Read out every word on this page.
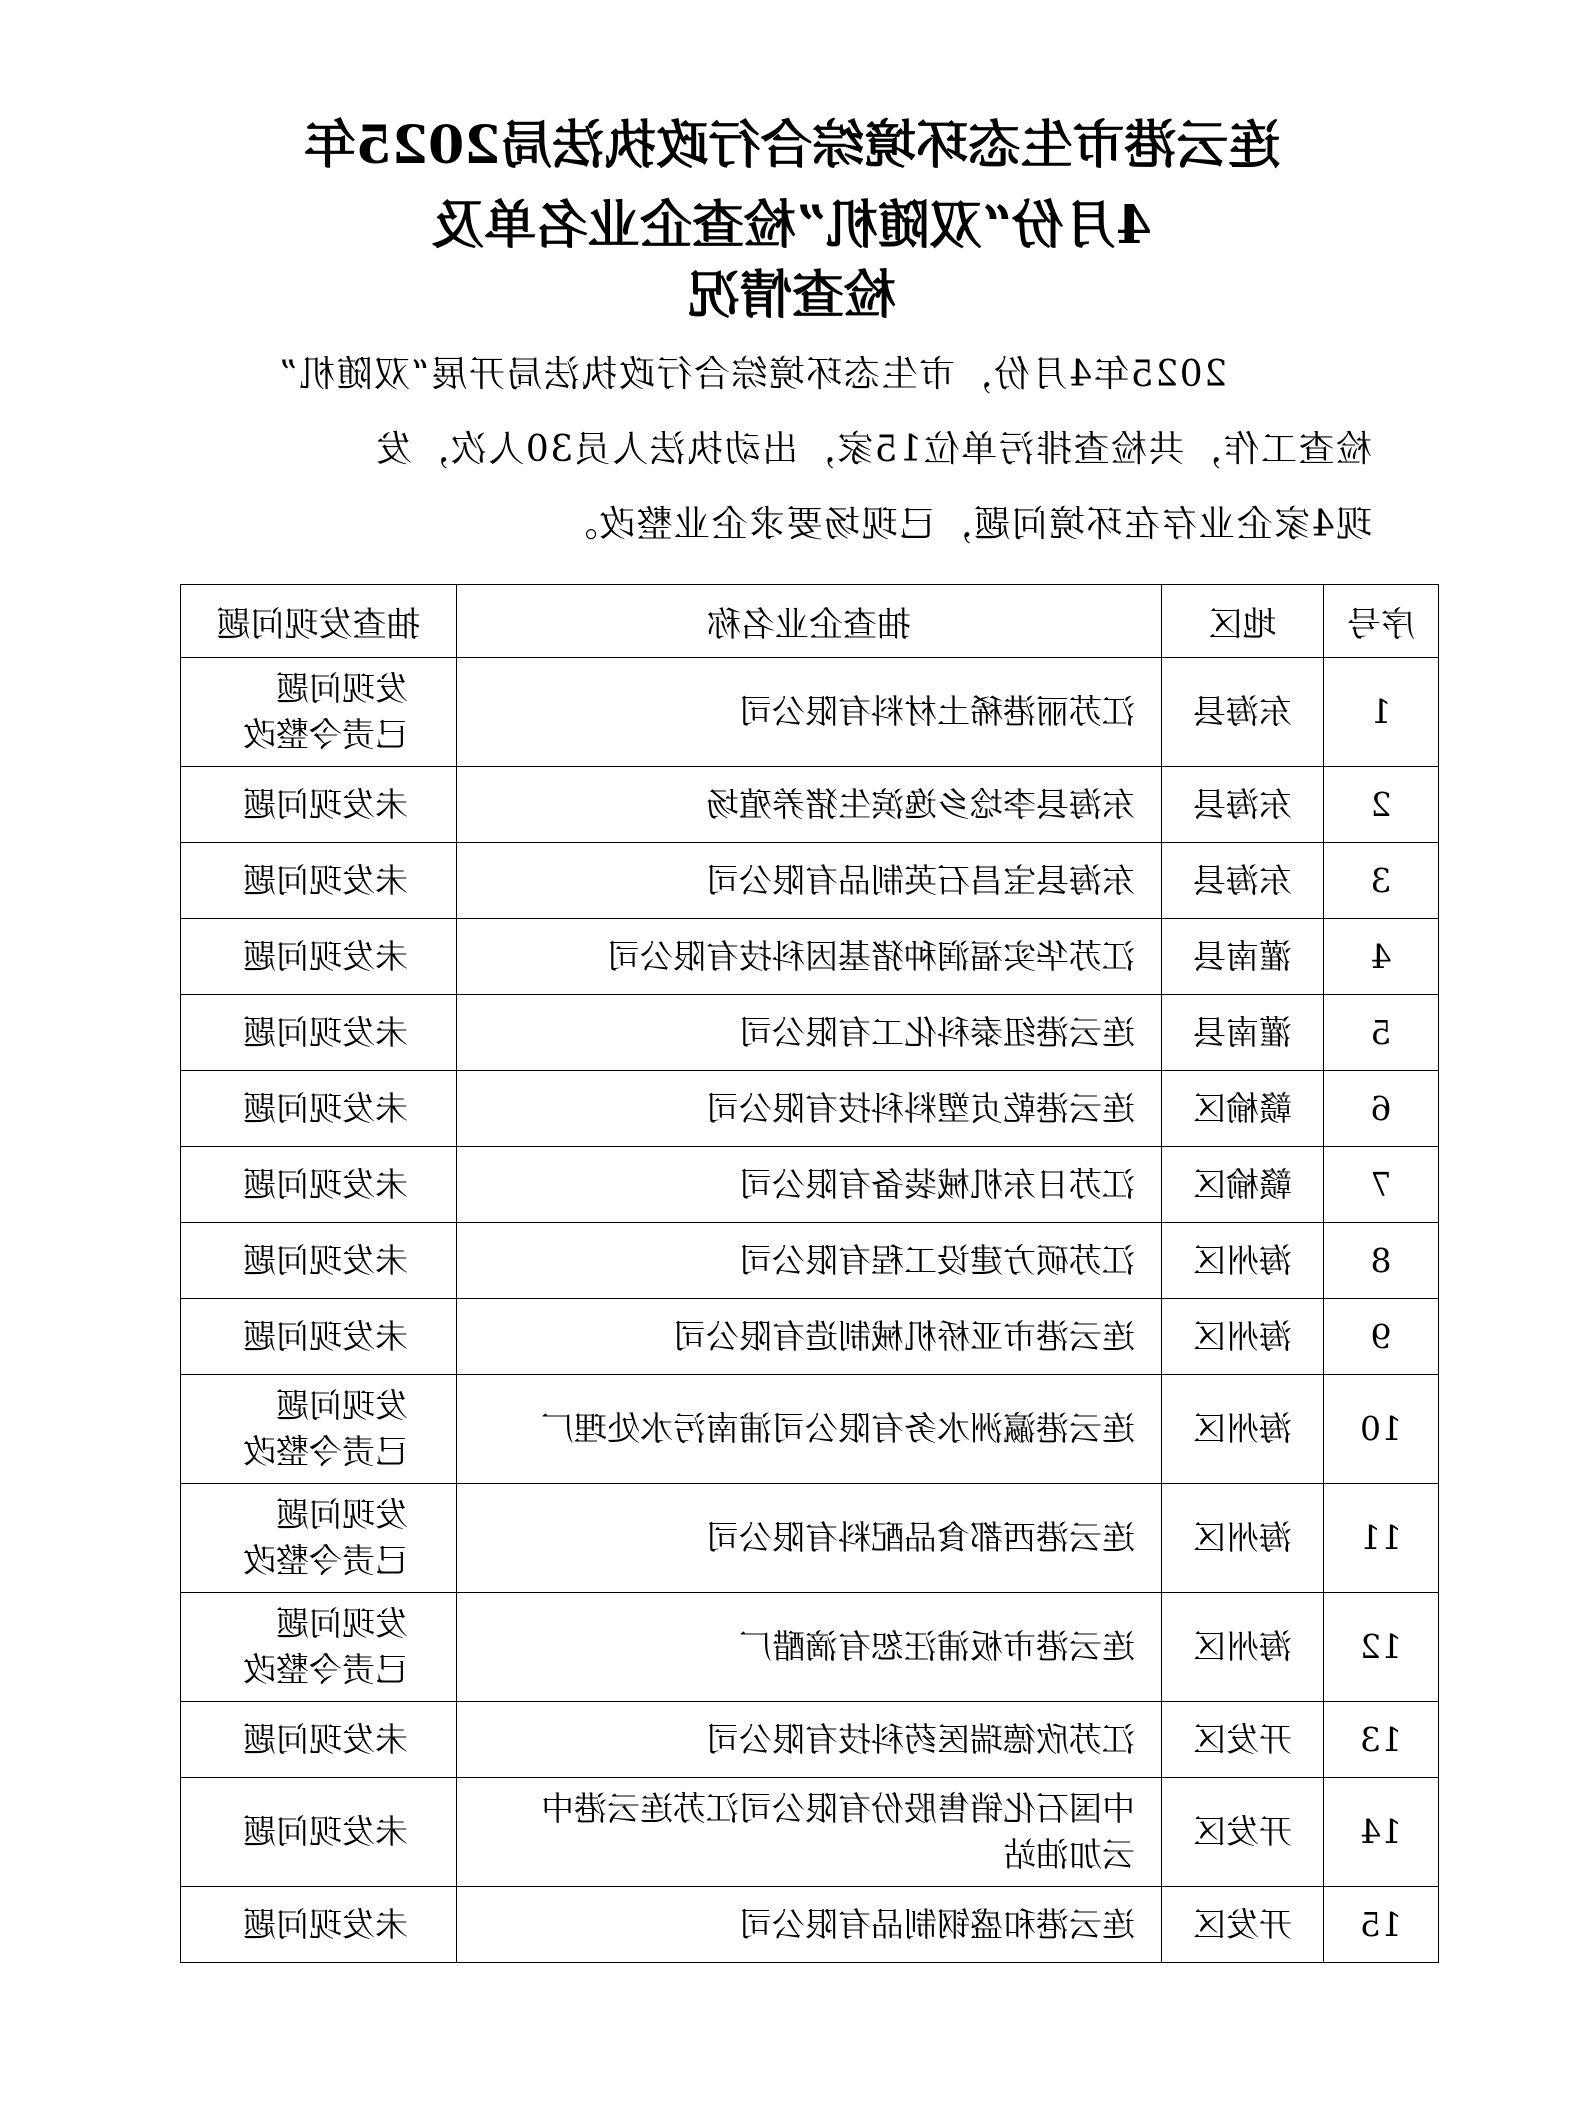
连云港市生态环境综合行政执法局2025年
4月份“双随机”检查企业名单及
检查情况
2025年4月份，市生态环境综合行政执法局开展“双随机”
检查工作，共检查排污单位15家，出动执法人员30人次，发
现4家企业存在环境问题，已现场要求企业整改。
序号	地区	抽查企业名称	抽查发现问题
1	东海县	江苏丽港稀土材料有限公司	发现问题
已责令整改
2	东海县	东海县李埝乡逸滨生猪养殖场	未发现问题
3	东海县	东海县宝昌石英制品有限公司	未发现问题
4	灌南县	江苏华实福润种猪基因科技有限公司	未发现问题
5	灌南县	连云港纽泰科化工有限公司	未发现问题
6	赣榆区	连云港乾贞塑料科技有限公司	未发现问题
7	赣榆区	江苏日东机械装备有限公司	未发现问题
8	海州区	江苏硕方建设工程有限公司	未发现问题
9	海州区	连云港市亚桥机械制造有限公司	未发现问题
10	海州区	连云港瀛洲水务有限公司浦南污水处理厂	发现问题
已责令整改
11	海州区	连云港西都食品配料有限公司	发现问题
已责令整改
12	海州区	连云港市板浦汪恕有滴醋厂	发现问题
已责令整改
13	开发区	江苏欣德瑞医药科技有限公司	未发现问题
14	开发区	中国石化销售股份有限公司江苏连云港中
云加油站	未发现问题
15	开发区	连云港和盛钢制品有限公司	未发现问题
